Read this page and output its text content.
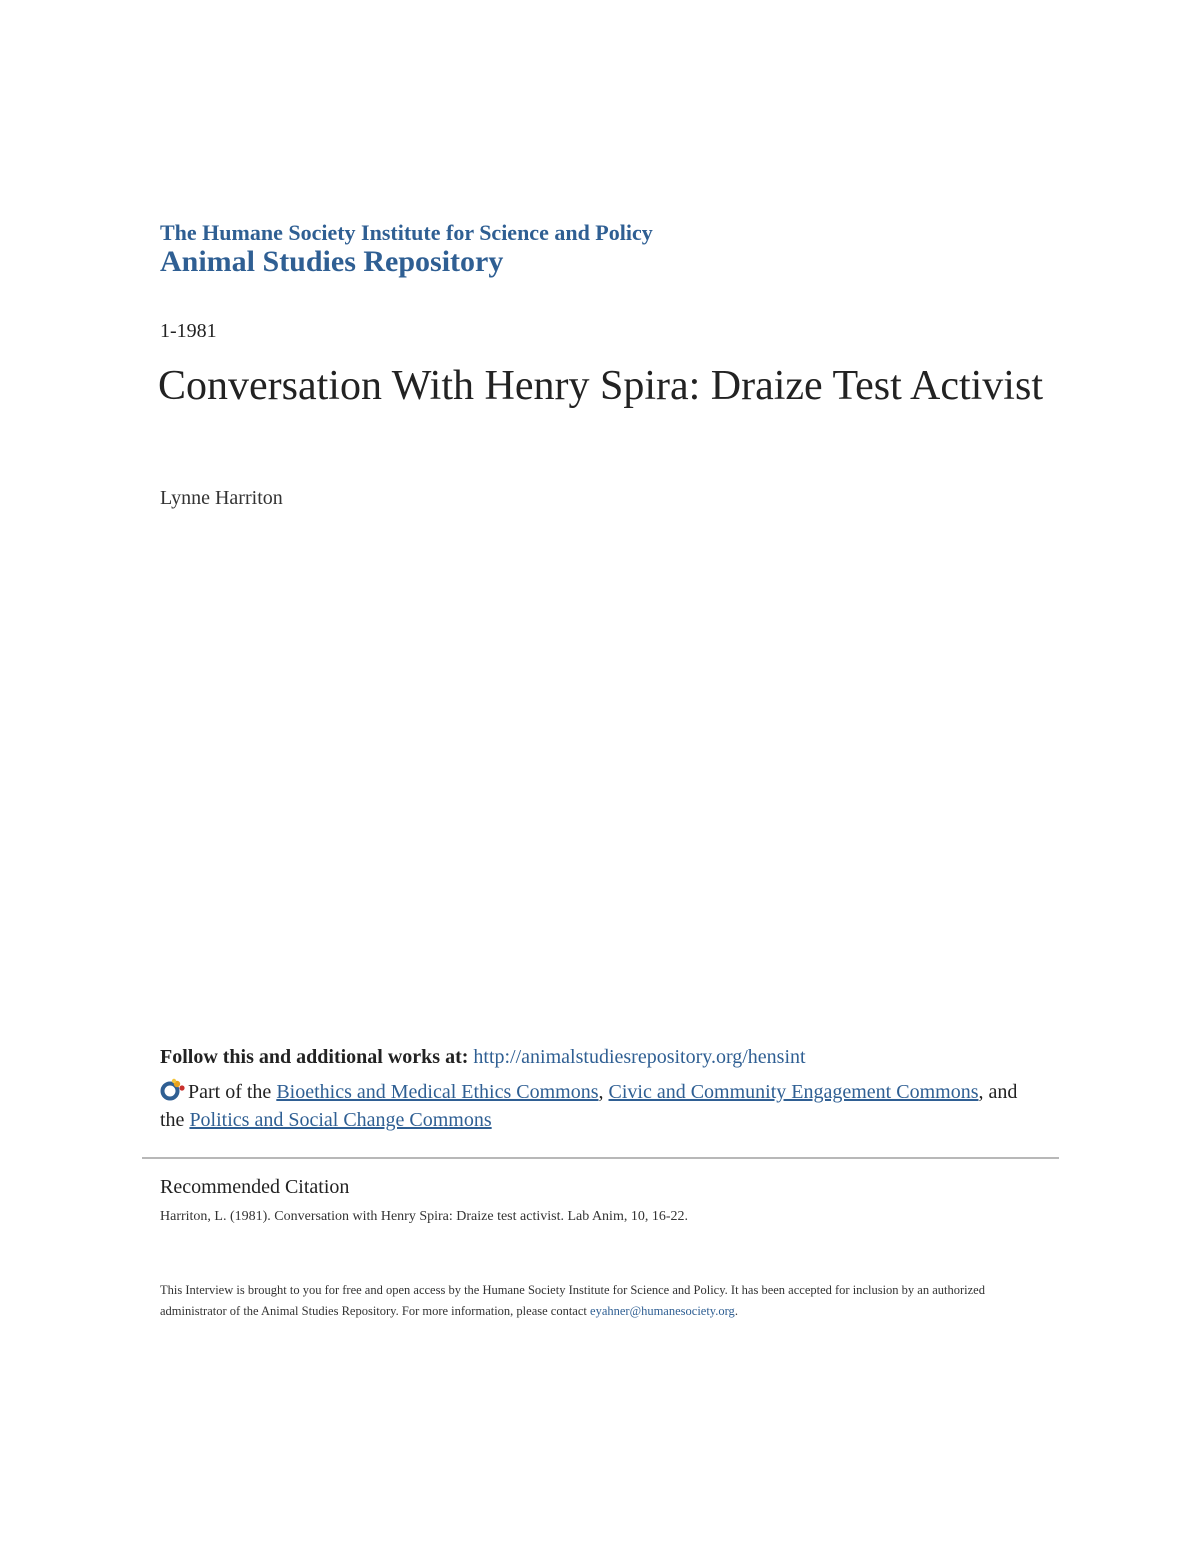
The Humane Society Institute for Science and Policy
Animal Studies Repository
1-1981
Conversation With Henry Spira: Draize Test Activist
Lynne Harriton
Follow this and additional works at: http://animalstudiesrepository.org/hensint
Part of the Bioethics and Medical Ethics Commons, Civic and Community Engagement Commons, and the Politics and Social Change Commons
Recommended Citation
Harriton, L. (1981). Conversation with Henry Spira: Draize test activist. Lab Anim, 10, 16-22.
This Interview is brought to you for free and open access by the Humane Society Institute for Science and Policy. It has been accepted for inclusion by an authorized administrator of the Animal Studies Repository. For more information, please contact eyahner@humanesociety.org.
